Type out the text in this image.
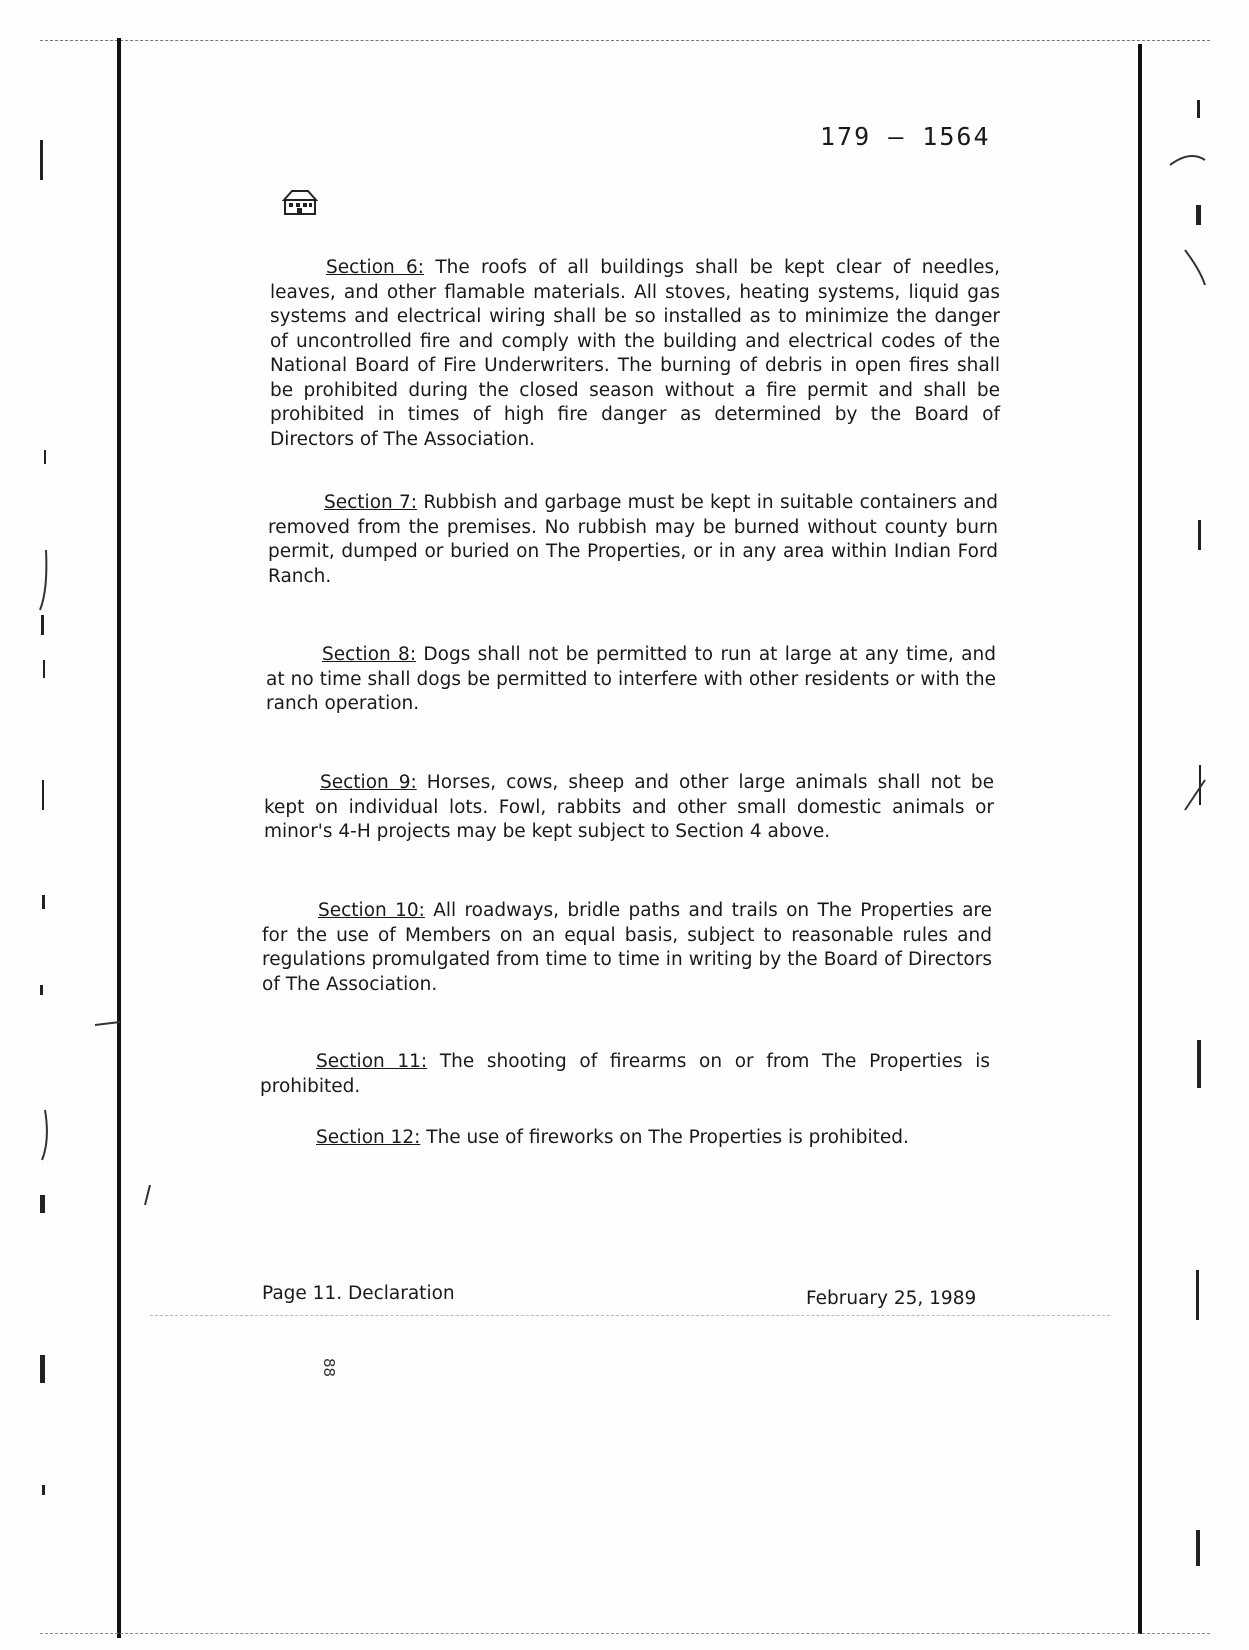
179 — 1564

Section 6: The roofs of all buildings shall be kept clear of needles, leaves, and other flamable materials. All stoves, heating systems, liquid gas systems and electrical wiring shall be so installed as to minimize the danger of uncontrolled fire and comply with the building and electrical codes of the National Board of Fire Underwriters. The burning of debris in open fires shall be prohibited during the closed season without a fire permit and shall be prohibited in times of high fire danger as determined by the Board of Directors of The Association.

Section 7: Rubbish and garbage must be kept in suitable containers and removed from the premises. No rubbish may be burned without county burn permit, dumped or buried on The Properties, or in any area within Indian Ford Ranch.

Section 8: Dogs shall not be permitted to run at large at any time, and at no time shall dogs be permitted to interfere with other residents or with the ranch operation.

Section 9: Horses, cows, sheep and other large animals shall not be kept on individual lots. Fowl, rabbits and other small domestic animals or minor's 4-H projects may be kept subject to Section 4 above.

Section 10: All roadways, bridle paths and trails on The Properties are for the use of Members on an equal basis, subject to reasonable rules and regulations promulgated from time to time in writing by the Board of Directors of The Association.

Section 11: The shooting of firearms on or from The Properties is prohibited.

Section 12: The use of fireworks on The Properties is prohibited.

Page 11. Declaration	February 25, 1989
88
